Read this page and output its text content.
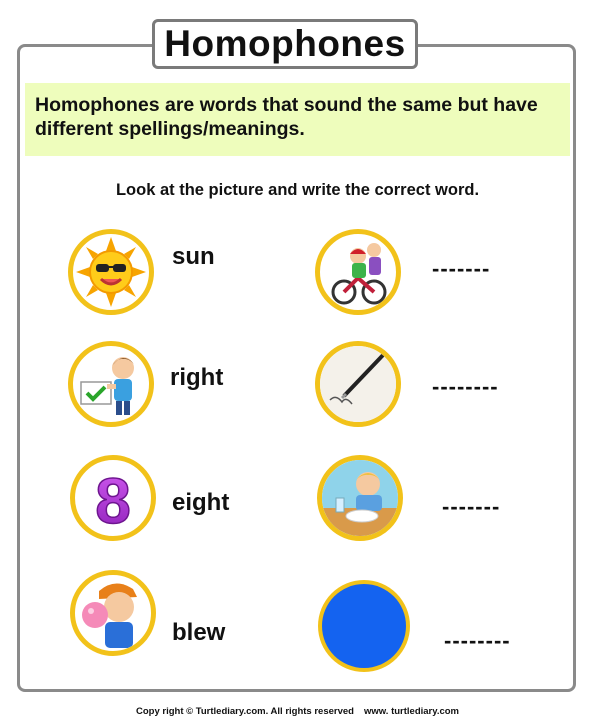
Homophones
Homophones are words that sound the same but have different spellings/meanings.
Look at the picture and write the correct word.
sun
right
8 eight
blew
-------
--------
-------
--------
Copy right © Turtlediary.com. All rights reserved www. turtlediary.com
